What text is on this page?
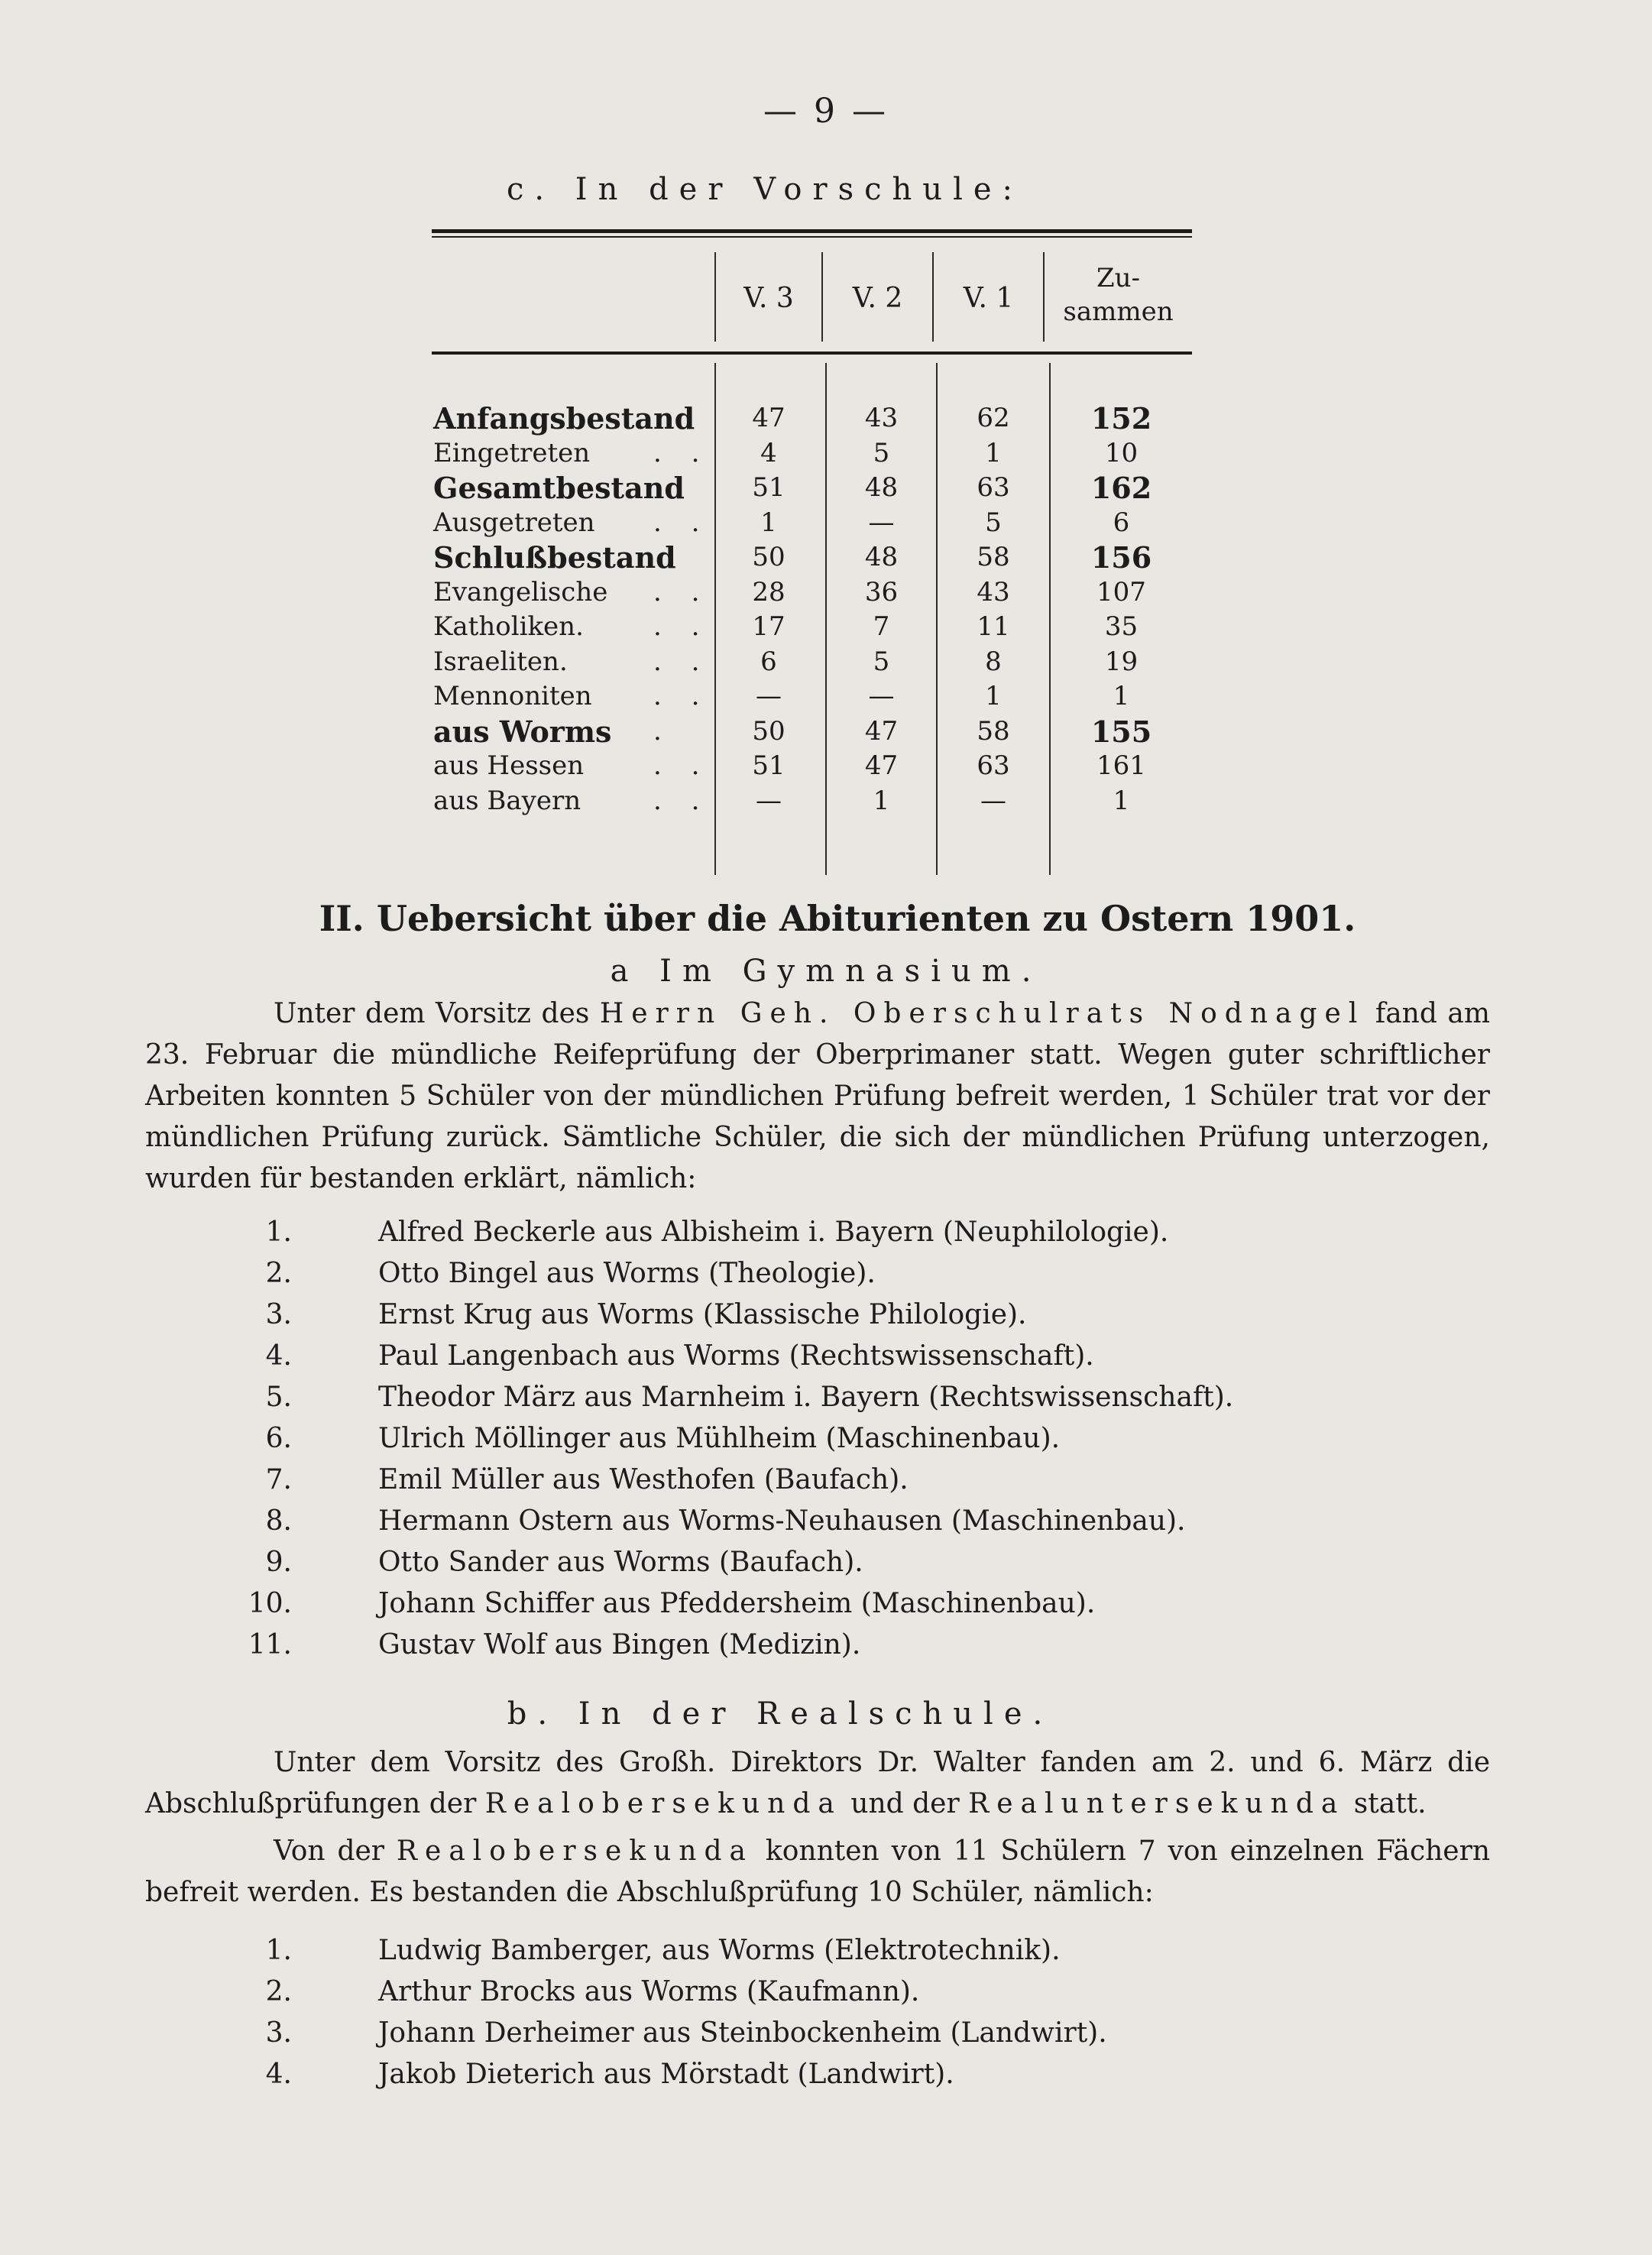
— 9 —
c. In der Vorschule:
V. 3	V. 2	V. 1
Zu-
sammen
Anfangsbestand	47	43	62	152
Eingetreten . .	4	5	1	10
Gesamtbestand	51	48	63	162
Ausgetreten . .	1	—	5	6
Schlußbestand	50	48	58	156
Evangelische . .	28	36	43	107
Katholiken.	. .	17	7	11	35
Israeliten.	. .	6	5	8	19
Mennoniten . .	—	—	1	1
aus Worms .	50	47	58	155
aus Hessen	. .	51	47	63	161
aus Bayern	. .	—	1	—	1
II. Uebersicht über die Abiturienten zu Ostern 1901.
a Im Gymnasium.
Unter dem Vorsitz des Herrn Geh. Oberschulrats Nodnagel fand am 23. Februar die mündliche Reifeprüfung der Oberprimaner statt. Wegen guter schriftlicher Arbeiten konnten 5 Schüler von der mündlichen Prüfung befreit werden, 1 Schüler trat vor der mündlichen Prüfung zurück. Sämtliche Schüler, die sich der mündlichen Prüfung unterzogen, wurden für bestanden erklärt, nämlich:
1.	Alfred Beckerle aus Albisheim i. Bayern (Neuphilologie).
2.	Otto Bingel aus Worms (Theologie).
3.	Ernst Krug aus Worms (Klassische Philologie).
4.	Paul Langenbach aus Worms (Rechtswissenschaft).
5.	Theodor März aus Marnheim i. Bayern (Rechtswissenschaft).
6.	Ulrich Möllinger aus Mühlheim (Maschinenbau).
7.	Emil Müller aus Westhofen (Baufach).
8.	Hermann Ostern aus Worms-Neuhausen (Maschinenbau).
9.	Otto Sander aus Worms (Baufach).
10.	Johann Schiffer aus Pfeddersheim (Maschinenbau).
11.	Gustav Wolf aus Bingen (Medizin).
b. In der Realschule.
Unter dem Vorsitz des Großh. Direktors Dr. Walter fanden am 2. und 6. März die Abschlußprüfungen der Realobersekunda und der Realuntersekunda statt.
Von der Realobersekunda konnten von 11 Schülern 7 von einzelnen Fächern befreit werden. Es bestanden die Abschlußprüfung 10 Schüler, nämlich:
1.	Ludwig Bamberger, aus Worms (Elektrotechnik).
2.	Arthur Brocks aus Worms (Kaufmann).
3.	Johann Derheimer aus Steinbockenheim (Landwirt).
4.	Jakob Dieterich aus Mörstadt (Landwirt).
